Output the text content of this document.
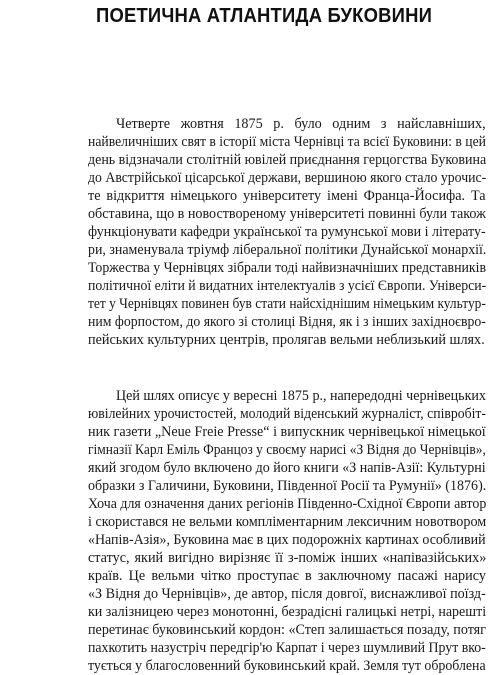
ПОЕТИЧНА АТЛАНТИДА БУКОВИНИ
Четверте жовтня 1875 р. було одним з найславніших,
найвеличніших свят в історії міста Чернівці та всієї Буковини: в цей
день відзначали столітній ювілей приєднання герцогства Буковина
до Австрійської цісарської держави, вершиною якого стало урочис-
те відкриття німецького університету імені Франца-Йосифа. Та
обставина, що в новоствореному університеті повинні були також
функціонувати кафедри української та румунської мови і літерату-
ри, знаменувала тріумф ліберальної політики Дунайської монархії.
Торжества у Чернівцях зібрали тоді найвизначніших представників
політичної еліти й видатних інтелектуалів з усієї Європи. Універси-
тет у Чернівцях повинен був стати найсхіднішим німецьким культур-
ним форпостом, до якого зі столиці Відня, як і з інших західноєвро-
пейських культурних центрів, пролягав вельми неблизький шлях.
Цей шлях описує у вересні 1875 р., напередодні чернівецьких
ювілейних урочистостей, молодий віденський журналіст, співробіт-
ник газети „Neue Freie Presse“ і випускник чернівецької німецької
гімназії Карл Еміль Францоз у своєму нарисі «З Відня до Чернівців»,
який згодом було включено до його книги «З напів-Азії: Культурні
образки з Галичини, Буковини, Південної Росії та Румунії» (1876).
Хоча для означення даних регіонів Південно-Східної Європи автор
і скористався не вельми компліментарним лексичним новотвором
«Напів-Азія», Буковина має в цих подорожніх картинах особливий
статус, який вигідно вирізняє її з-поміж інших «напівазійських»
країв. Це вельми чітко проступає в заключному пасажі нарису
«З Відня до Чернівців», де автор, після довгої, виснажливої поїзд-
ки залізницею через монотонні, безрадісні галицькі нетрі, нарешті
перетинає буковинський кордон: «Степ залишається позаду, потяг
пахкотить назустріч передгір'ю Карпат і через шумливий Прут вко-
тується у благословенний буковинський край. Земля тут оброблена
